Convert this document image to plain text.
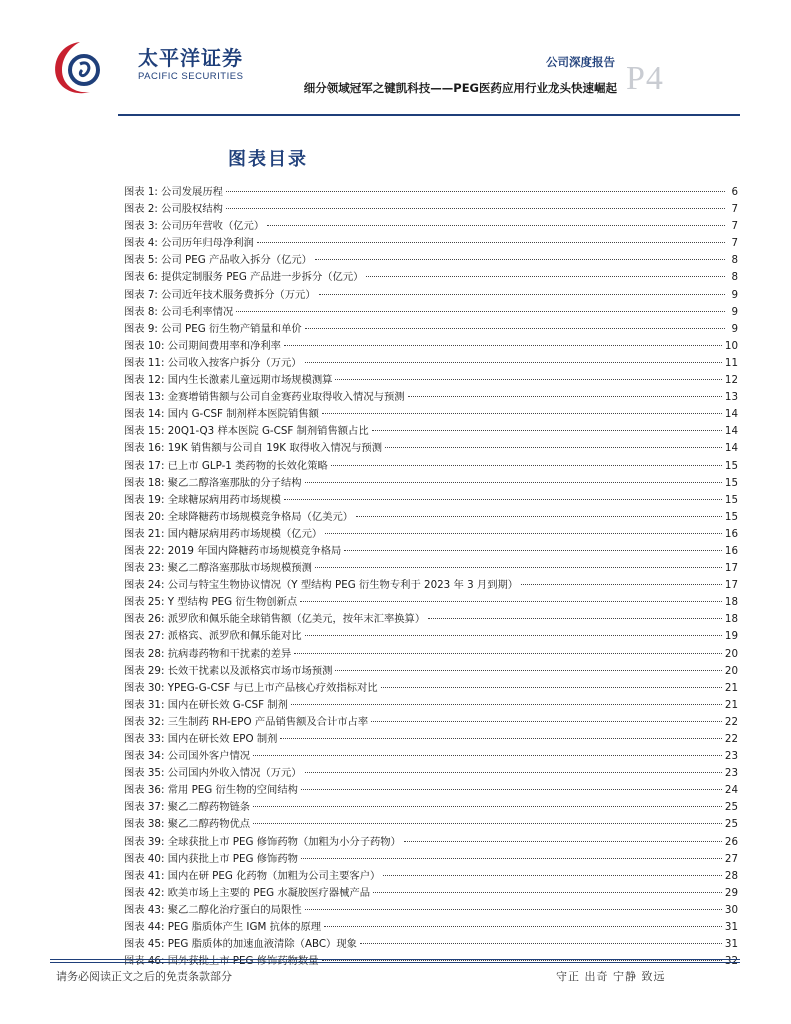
太平洋证券
PACIFIC SECURITIES
公司深度报告
细分领域冠军之键凯科技——PEG医药应用行业龙头快速崛起 P4
图表目录
图表 1: 公司发展历程	6
图表 2: 公司股权结构	7
图表 3: 公司历年营收（亿元）	7
图表 4: 公司历年归母净利润	7
图表 5: 公司 PEG 产品收入拆分（亿元）	8
图表 6: 提供定制服务 PEG 产品进一步拆分（亿元）	8
图表 7: 公司近年技术服务费拆分（万元）	9
图表 8: 公司毛利率情况	9
图表 9: 公司 PEG 衍生物产销量和单价	9
图表 10: 公司期间费用率和净利率	10
图表 11: 公司收入按客户拆分（万元）	11
图表 12: 国内生长激素儿童远期市场规模测算	12
图表 13: 金赛增销售额与公司自金赛药业取得收入情况与预测	13
图表 14: 国内 G-CSF 制剂样本医院销售额	14
图表 15: 20Q1-Q3 样本医院 G-CSF 制剂销售额占比	14
图表 16: 19K 销售额与公司自 19K 取得收入情况与预测	14
图表 17: 已上市 GLP-1 类药物的长效化策略	15
图表 18: 聚乙二醇洛塞那肽的分子结构	15
图表 19: 全球糖尿病用药市场规模	15
图表 20: 全球降糖药市场规模竞争格局（亿美元）	15
图表 21: 国内糖尿病用药市场规模（亿元）	16
图表 22: 2019 年国内降糖药市场规模竞争格局	16
图表 23: 聚乙二醇洛塞那肽市场规模预测	17
图表 24: 公司与特宝生物协议情况（Y 型结构 PEG 衍生物专利于 2023 年 3 月到期）	17
图表 25: Y 型结构 PEG 衍生物创新点	18
图表 26: 派罗欣和佩乐能全球销售额（亿美元，按年末汇率换算）	18
图表 27: 派格宾、派罗欣和佩乐能对比	19
图表 28: 抗病毒药物和干扰素的差异	20
图表 29: 长效干扰素以及派格宾市场市场预测	20
图表 30: YPEG-G-CSF 与已上市产品核心疗效指标对比	21
图表 31: 国内在研长效 G-CSF 制剂	21
图表 32: 三生制药 RH-EPO 产品销售额及合计市占率	22
图表 33: 国内在研长效 EPO 制剂	22
图表 34: 公司国外客户情况	23
图表 35: 公司国内外收入情况（万元）	23
图表 36: 常用 PEG 衍生物的空间结构	24
图表 37: 聚乙二醇药物链条	25
图表 38: 聚乙二醇药物优点	25
图表 39: 全球获批上市 PEG 修饰药物（加粗为小分子药物）	26
图表 40: 国内获批上市 PEG 修饰药物	27
图表 41: 国内在研 PEG 化药物（加粗为公司主要客户）	28
图表 42: 欧美市场上主要的 PEG 水凝胶医疗器械产品	29
图表 43: 聚乙二醇化治疗蛋白的局限性	30
图表 44: PEG 脂质体产生 IGM 抗体的原理	31
图表 45: PEG 脂质体的加速血液清除（ABC）现象	31
图表 46: 国外获批上市 PEG 修饰药物数量	32
请务必阅读正文之后的免责条款部分	守正 出奇 宁静 致远
